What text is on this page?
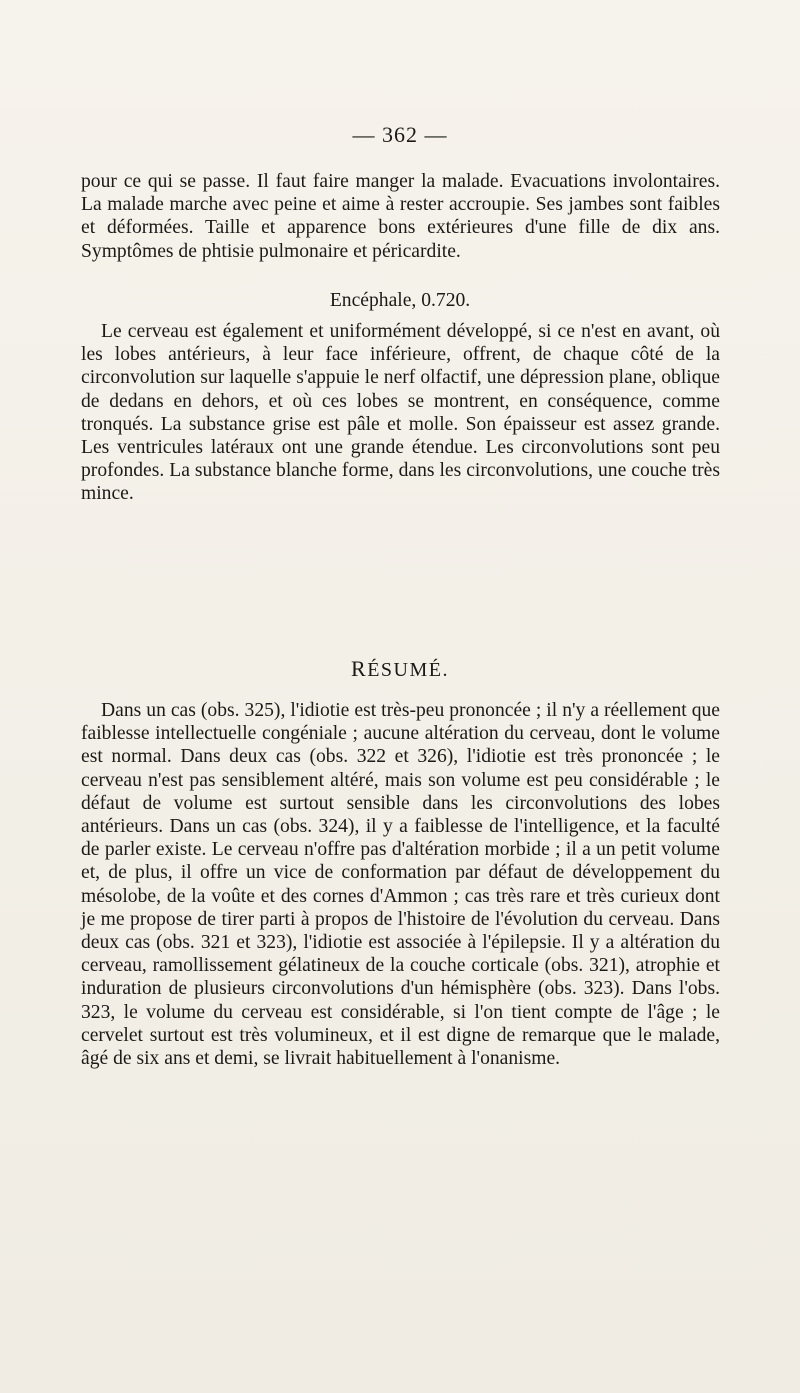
— 362 —

pour ce qui se passe. Il faut faire manger la malade. Evacuations involontaires. La malade marche avec peine et aime à rester accroupie. Ses jambes sont faibles et déformées. Taille et apparence bons extérieures d'une fille de dix ans. Symptômes de phtisie pulmonaire et péricardite.

Encéphale, 0.720.

Le cerveau est également et uniformément développé, si ce n'est en avant, où les lobes antérieurs, à leur face inférieure, offrent, de chaque côté de la circonvolution sur laquelle s'appuie le nerf olfactif, une dépression plane, oblique de dedans en dehors, et où ces lobes se montrent, en conséquence, comme tronqués. La substance grise est pâle et molle. Son épaisseur est assez grande. Les ventricules latéraux ont une grande étendue. Les circonvolutions sont peu profondes. La substance blanche forme, dans les circonvolutions, une couche très mince.

RÉSUMÉ.

Dans un cas (obs. 325), l'idiotie est très-peu prononcée ; il n'y a réellement que faiblesse intellectuelle congéniale ; aucune altération du cerveau, dont le volume est normal. Dans deux cas (obs. 322 et 326), l'idiotie est très prononcée ; le cerveau n'est pas sensiblement altéré, mais son volume est peu considérable ; le défaut de volume est surtout sensible dans les circonvolutions des lobes antérieurs. Dans un cas (obs. 324), il y a faiblesse de l'intelligence, et la faculté de parler existe. Le cerveau n'offre pas d'altération morbide ; il a un petit volume et, de plus, il offre un vice de conformation par défaut de développement du mésolobe, de la voûte et des cornes d'Ammon ; cas très rare et très curieux dont je me propose de tirer parti à propos de l'histoire de l'évolution du cerveau. Dans deux cas (obs. 321 et 323), l'idiotie est associée à l'épilepsie. Il y a altération du cerveau, ramollissement gélatineux de la couche corticale (obs. 321), atrophie et induration de plusieurs circonvolutions d'un hémisphère (obs. 323). Dans l'obs. 323, le volume du cerveau est considérable, si l'on tient compte de l'âge ; le cervelet surtout est très volumineux, et il est digne de remarque que le malade, âgé de six ans et demi, se livrait habituellement à l'onanisme.
